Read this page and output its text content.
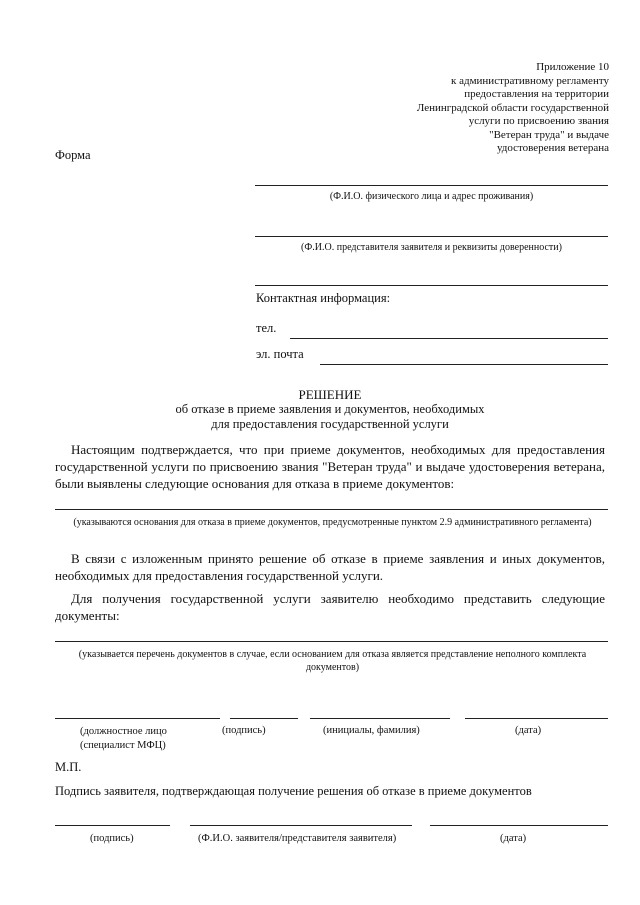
Приложение 10
к административному регламенту
предоставления на территории
Ленинградской области государственной
услуги по присвоению звания
"Ветеран труда" и выдаче
удостоверения ветерана
Форма
(Ф.И.О. физического лица и адрес проживания)
(Ф.И.О. представителя заявителя и реквизиты доверенности)
Контактная информация:
тел.
эл. почта
РЕШЕНИЕ
об отказе в приеме заявления и документов, необходимых
для предоставления государственной услуги
Настоящим подтверждается, что при приеме документов, необходимых для предоставления государственной услуги по присвоению звания "Ветеран труда" и выдаче удостоверения ветерана, были выявлены следующие основания для отказа в приеме документов:
(указываются основания для отказа в приеме документов, предусмотренные пунктом 2.9 административного регламента)
В связи с изложенным принято решение об отказе в приеме заявления и иных документов, необходимых для предоставления государственной услуги.
Для получения государственной услуги заявителю необходимо представить следующие документы:
(указывается перечень документов в случае, если основанием для отказа является представление неполного комплекта документов)
(должностное лицо
(специалист МФЦ)
(подпись)	(инициалы, фамилия)	(дата)
М.П.
Подпись заявителя, подтверждающая получение решения об отказе в приеме документов
(подпись)	(Ф.И.О. заявителя/представителя заявителя)	(дата)
